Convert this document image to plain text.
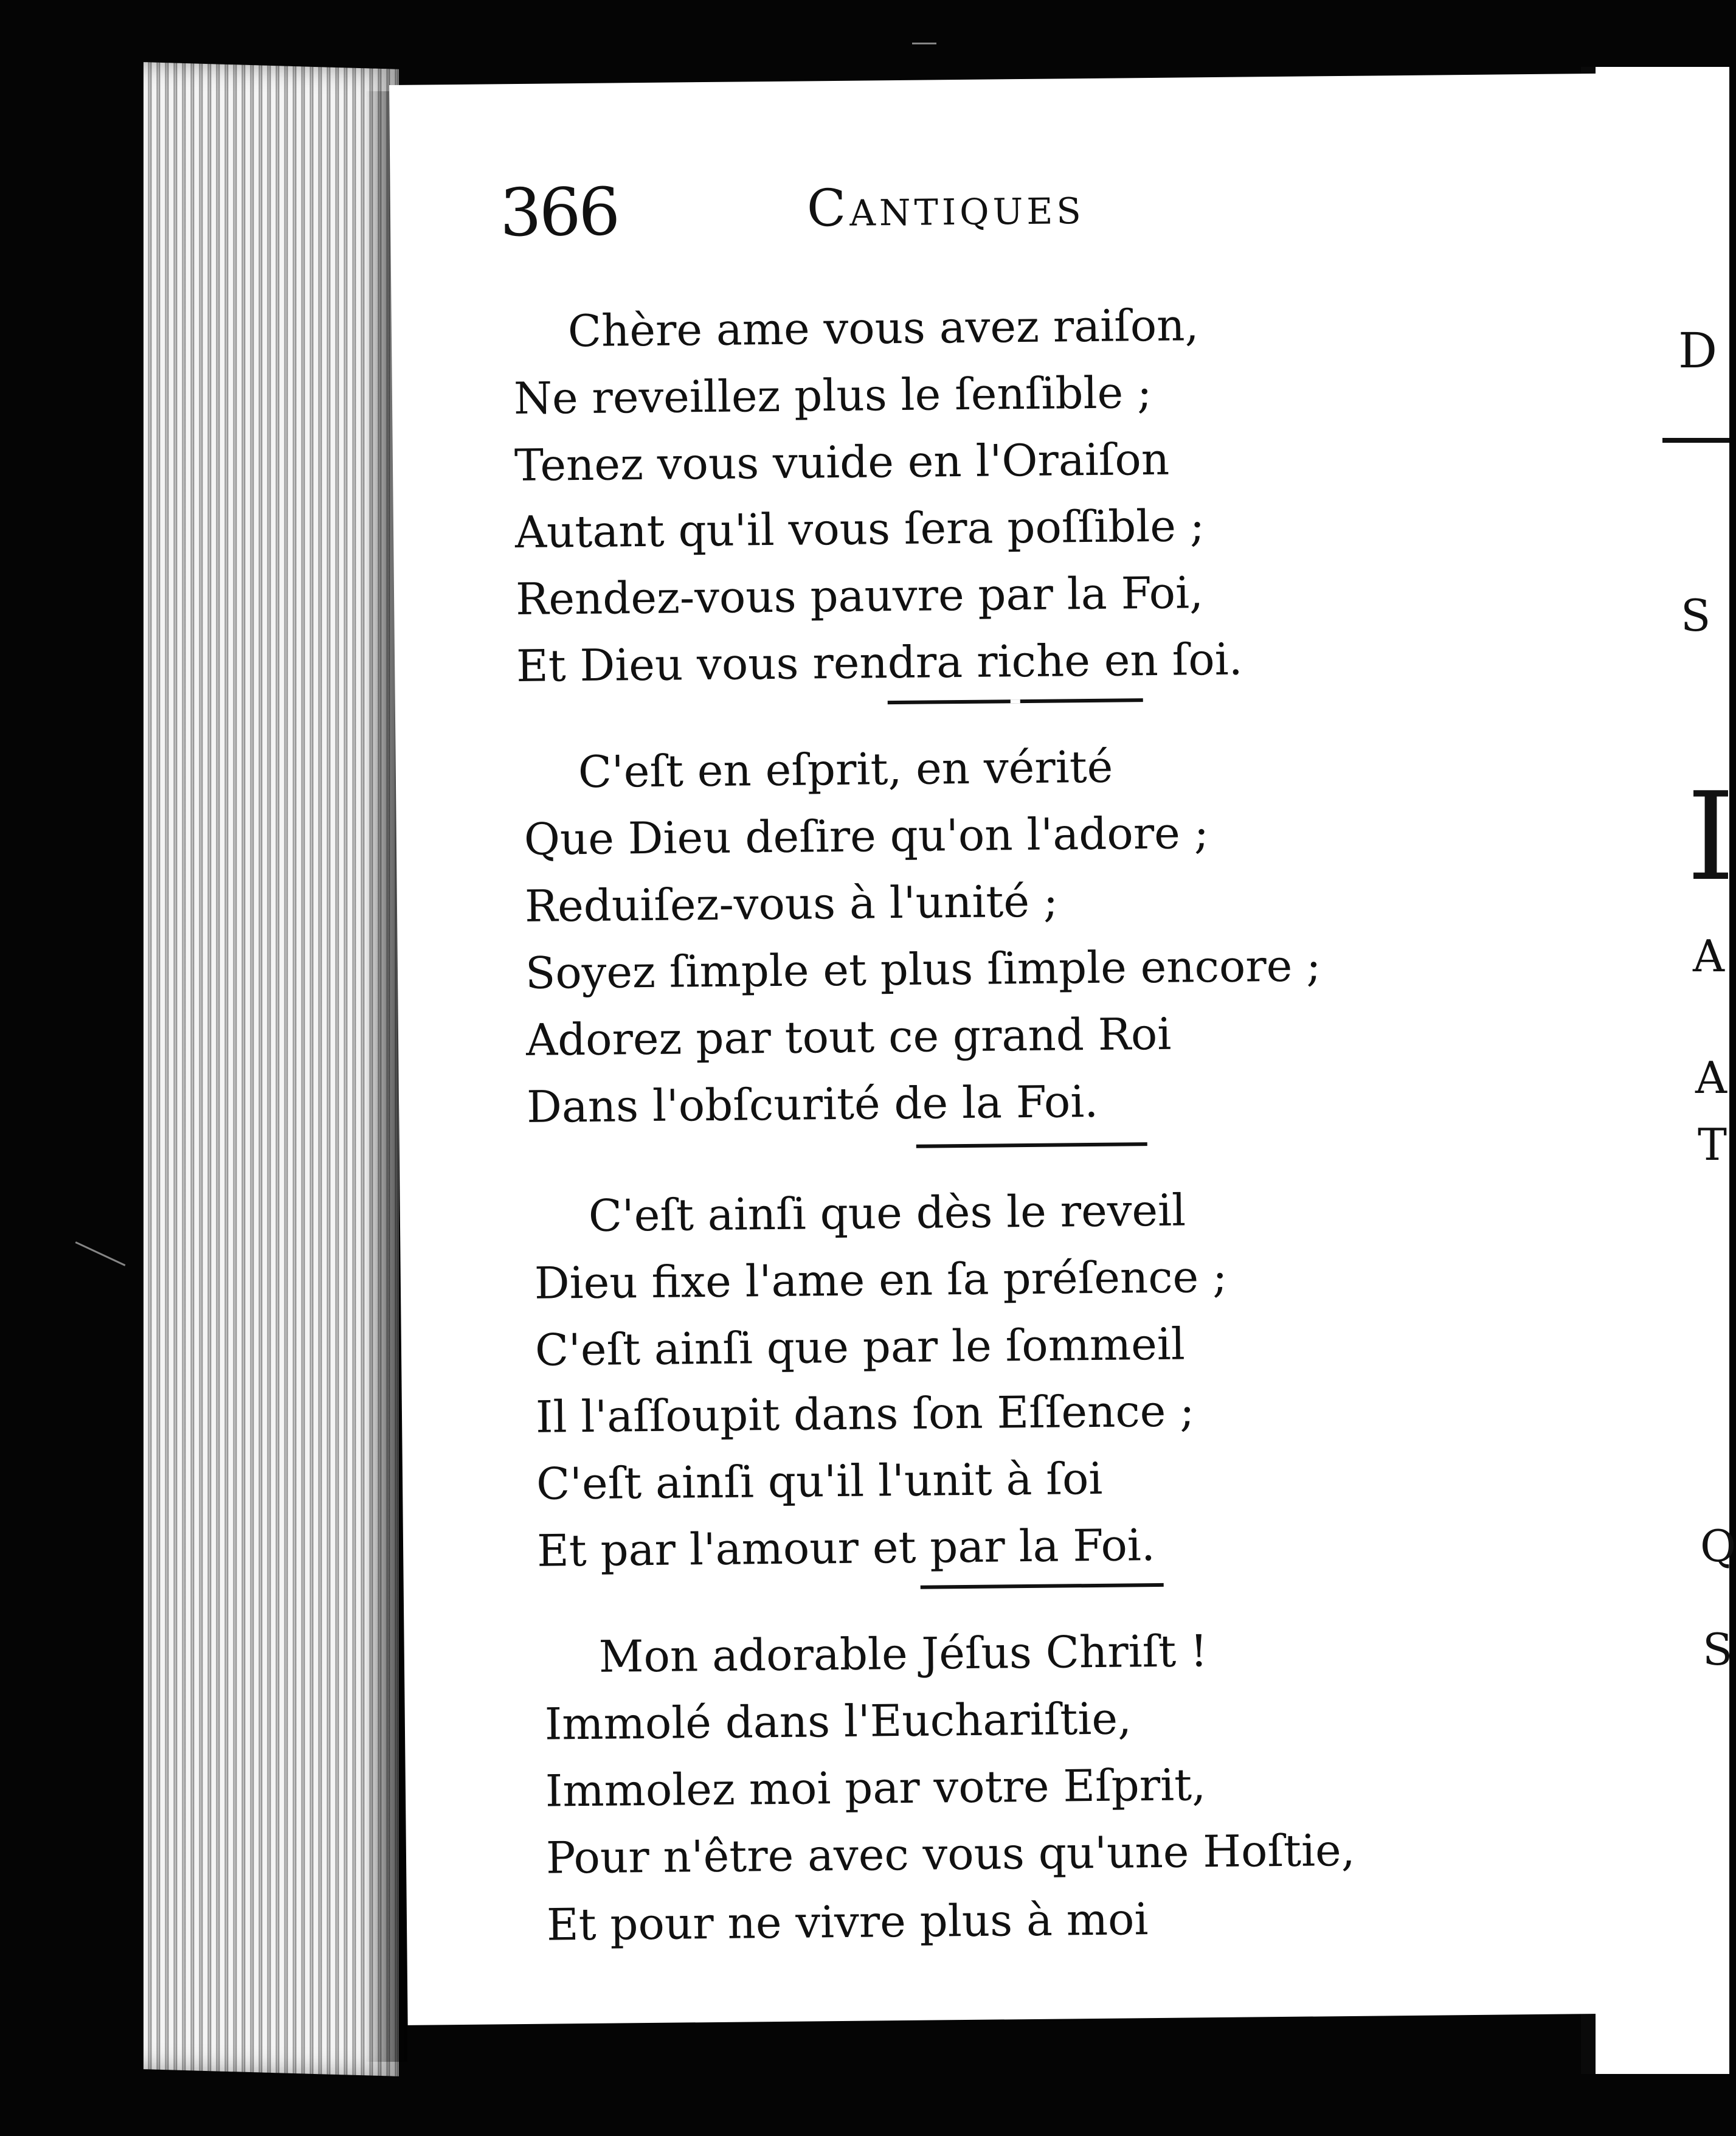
D
S
I
A
A
T
Q
S
366	Cantiques
Chère ame vous avez raiſon,
Ne reveillez plus le ſenſible ;
Tenez vous vuide en l'Oraiſon
Autant qu'il vous ſera poſſible ;
Rendez-vous pauvre par la Foi,
Et Dieu vous rendra riche en ſoi.
C'eſt en eſprit, en vérité
Que Dieu deſire qu'on l'adore ;
Reduiſez-vous à l'unité ;
Soyez ſimple et plus ſimple encore ;
Adorez par tout ce grand Roi
Dans l'obſcurité de la Foi.
C'eſt ainſi que dès le reveil
Dieu fixe l'ame en ſa préſence ;
C'eſt ainſi que par le ſommeil
Il l'aſſoupit dans ſon Eſſence ;
C'eſt ainſi qu'il l'unit à ſoi
Et par l'amour et par la Foi.
Mon adorable Jéſus Chriſt !
Immolé dans l'Euchariſtie,
Immolez moi par votre Eſprit,
Pour n'être avec vous qu'une Hoſtie,
Et pour ne vivre plus à moi
